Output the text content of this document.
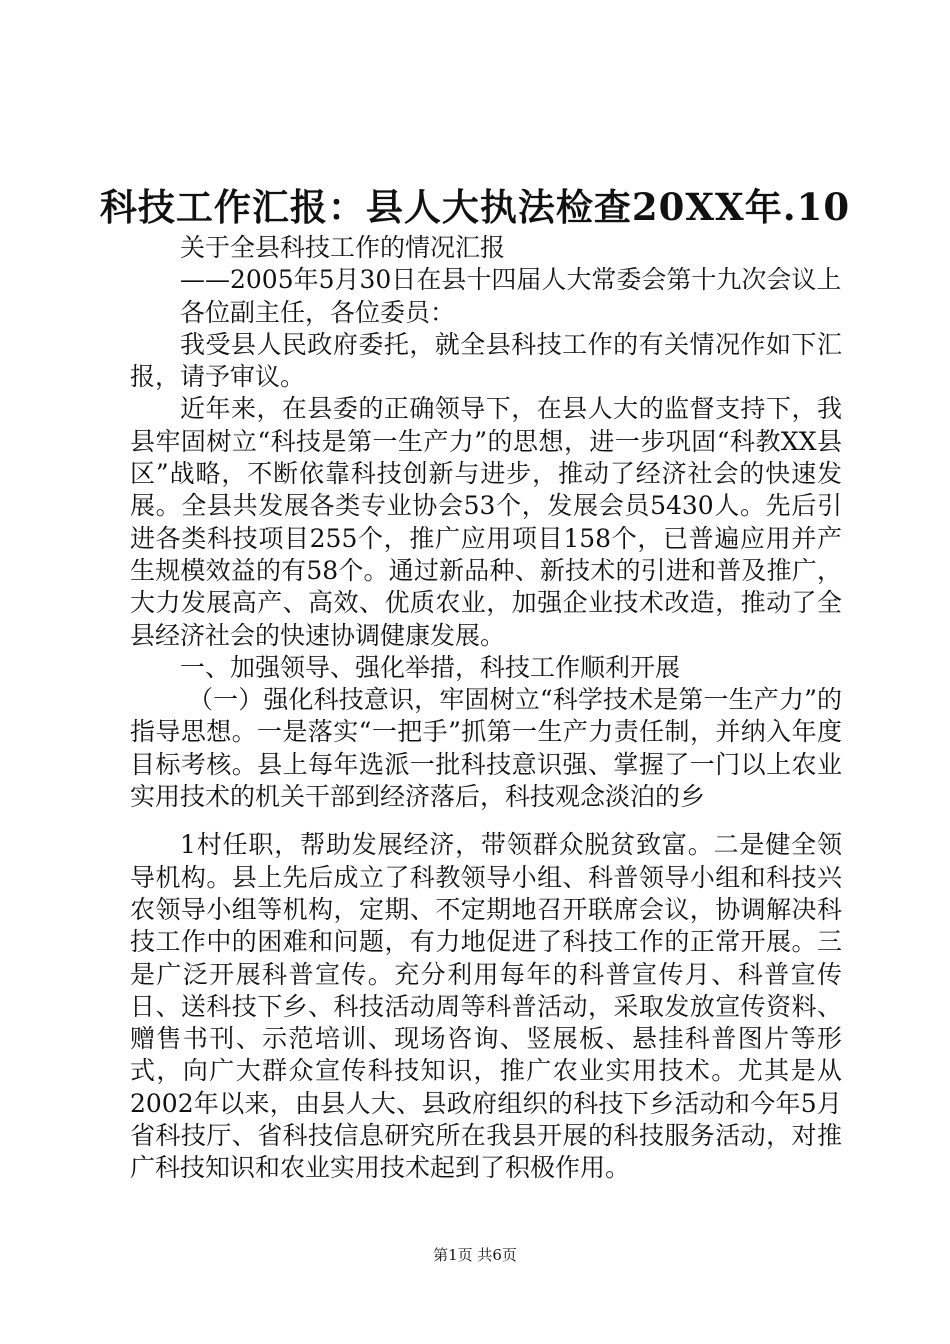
科技工作汇报：县人大执法检查20XX年.10

关于全县科技工作的情况汇报

——2005年5月30日在县十四届人大常委会第十九次会议上

各位副主任，各位委员：

我受县人民政府委托，就全县科技工作的有关情况作如下汇报，请予审议。

近年来，在县委的正确领导下，在县人大的监督支持下，我县牢固树立“科技是第一生产力”的思想，进一步巩固“科教XX县区”战略，不断依靠科技创新与进步，推动了经济社会的快速发展。全县共发展各类专业协会53个，发展会员5430人。先后引进各类科技项目255个，推广应用项目158个，已普遍应用并产生规模效益的有58个。通过新品种、新技术的引进和普及推广，大力发展高产、高效、优质农业，加强企业技术改造，推动了全县经济社会的快速协调健康发展。

一、加强领导、强化举措，科技工作顺利开展

（一）强化科技意识，牢固树立“科学技术是第一生产力”的指导思想。一是落实“一把手”抓第一生产力责任制，并纳入年度目标考核。县上每年选派一批科技意识强、掌握了一门以上农业实用技术的机关干部到经济落后，科技观念淡泊的乡

1村任职，帮助发展经济，带领群众脱贫致富。二是健全领导机构。县上先后成立了科教领导小组、科普领导小组和科技兴农领导小组等机构，定期、不定期地召开联席会议，协调解决科技工作中的困难和问题，有力地促进了科技工作的正常开展。三是广泛开展科普宣传。充分利用每年的科普宣传月、科普宣传日、送科技下乡、科技活动周等科普活动，采取发放宣传资料、赠售书刊、示范培训、现场咨询、竖展板、悬挂科普图片等形式，向广大群众宣传科技知识，推广农业实用技术。尤其是从2002年以来，由县人大、县政府组织的科技下乡活动和今年5月省科技厅、省科技信息研究所在我县开展的科技服务活动，对推广科技知识和农业实用技术起到了积极作用。

第1页 共6页
